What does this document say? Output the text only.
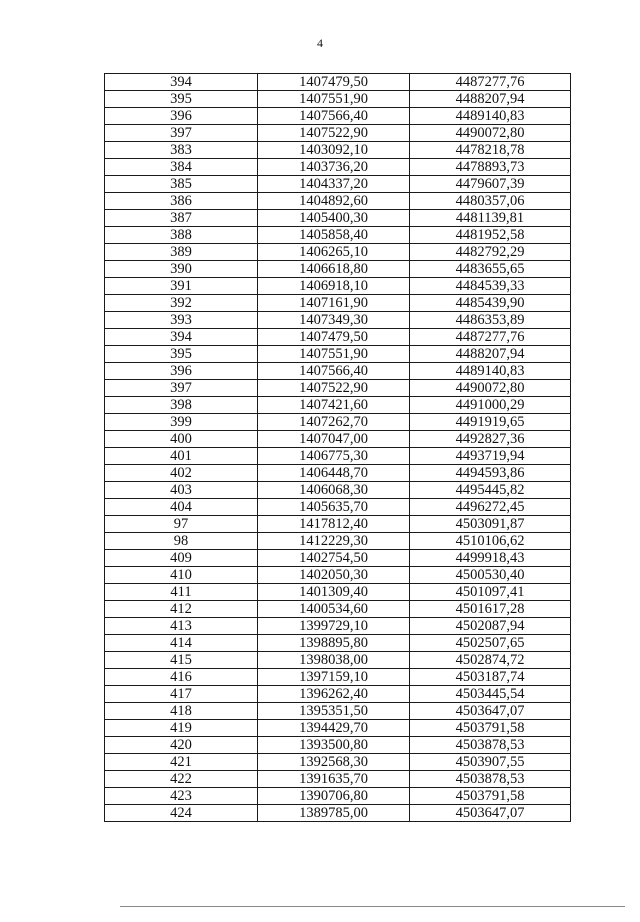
4
394	1407479,50	4487277,76
395	1407551,90	4488207,94
396	1407566,40	4489140,83
397	1407522,90	4490072,80
383	1403092,10	4478218,78
384	1403736,20	4478893,73
385	1404337,20	4479607,39
386	1404892,60	4480357,06
387	1405400,30	4481139,81
388	1405858,40	4481952,58
389	1406265,10	4482792,29
390	1406618,80	4483655,65
391	1406918,10	4484539,33
392	1407161,90	4485439,90
393	1407349,30	4486353,89
394	1407479,50	4487277,76
395	1407551,90	4488207,94
396	1407566,40	4489140,83
397	1407522,90	4490072,80
398	1407421,60	4491000,29
399	1407262,70	4491919,65
400	1407047,00	4492827,36
401	1406775,30	4493719,94
402	1406448,70	4494593,86
403	1406068,30	4495445,82
404	1405635,70	4496272,45
97	1417812,40	4503091,87
98	1412229,30	4510106,62
409	1402754,50	4499918,43
410	1402050,30	4500530,40
411	1401309,40	4501097,41
412	1400534,60	4501617,28
413	1399729,10	4502087,94
414	1398895,80	4502507,65
415	1398038,00	4502874,72
416	1397159,10	4503187,74
417	1396262,40	4503445,54
418	1395351,50	4503647,07
419	1394429,70	4503791,58
420	1393500,80	4503878,53
421	1392568,30	4503907,55
422	1391635,70	4503878,53
423	1390706,80	4503791,58
424	1389785,00	4503647,07
